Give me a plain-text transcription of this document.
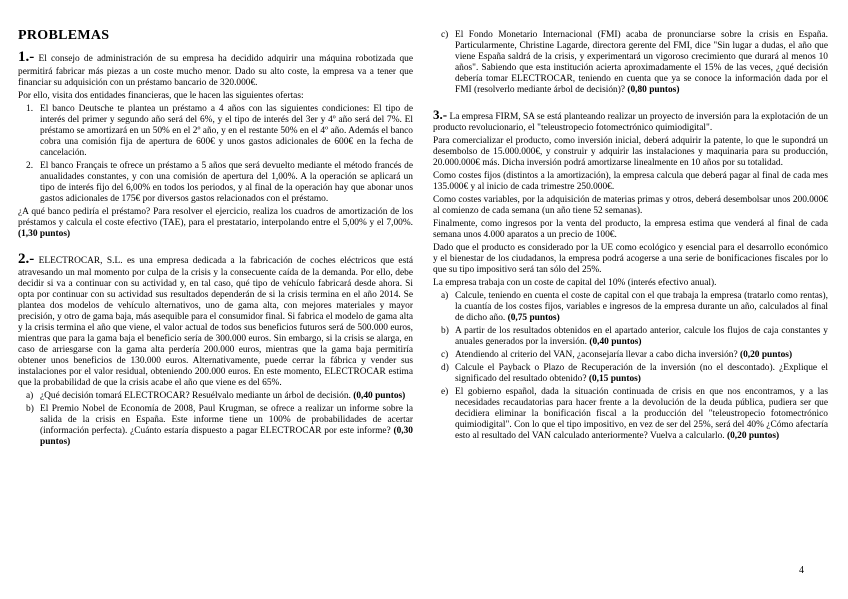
PROBLEMAS

1.- El consejo de administración de su empresa ha decidido adquirir una máquina robotizada que permitirá fabricar más piezas a un coste mucho menor. Dado su alto coste, la empresa va a tener que financiar su adquisición con un préstamo bancario de 320.000€.

Por ello, visita dos entidades financieras, que le hacen las siguientes ofertas:

1. El banco Deutsche te plantea un préstamo a 4 años con las siguientes condiciones: El tipo de interés del primer y segundo año será del 6%, y el tipo de interés del 3er y 4º año será del 7%. El préstamo se amortizará en un 50% en el 2º año, y en el restante 50% en el 4º año. Además el banco cobra una comisión fija de apertura de 600€ y unos gastos adicionales de 600€ en la fecha de cancelación.
2. El banco Français te ofrece un préstamo a 5 años que será devuelto mediante el método francés de anualidades constantes, y con una comisión de apertura del 1,00%. A la operación se aplicará un tipo de interés fijo del 6,00% en todos los periodos, y al final de la operación hay que abonar unos gastos adicionales de 175€ por diversos gastos relacionados con el préstamo.

¿A qué banco pediría el préstamo? Para resolver el ejercicio, realiza los cuadros de amortización de los préstamos y calcula el coste efectivo (TAE), para el prestatario, interpolando entre el 5,00% y el 7,00%. (1,30 puntos)

2.- ELECTROCAR, S.L. es una empresa dedicada a la fabricación de coches eléctricos que está atravesando un mal momento por culpa de la crisis y la consecuente caída de la demanda. Por ello, debe decidir si va a continuar con su actividad y, en tal caso, qué tipo de vehículo fabricará desde ahora. Si opta por continuar con su actividad sus resultados dependerán de si la crisis termina en el año 2014. Se plantea dos modelos de vehículo alternativos, uno de gama alta, con mejores materiales y mayor precisión, y otro de gama baja, más asequible para el consumidor final. Si fabrica el modelo de gama alta y la crisis termina el año que viene, el valor actual de todos sus beneficios futuros será de 500.000 euros, mientras que para la gama baja el beneficio sería de 300.000 euros. Sin embargo, si la crisis se alarga, en caso de arriesgarse con la gama alta perdería 200.000 euros, mientras que la gama baja permitiría obtener unos beneficios de 130.000 euros. Alternativamente, puede cerrar la fábrica y vender sus instalaciones por el valor residual, obteniendo 200.000 euros. En este momento, ELECTROCAR estima que la probabilidad de que la crisis acabe el año que viene es del 65%.

a) ¿Qué decisión tomará ELECTROCAR? Resuélvalo mediante un árbol de decisión. (0,40 puntos)
b) El Premio Nobel de Economía de 2008, Paul Krugman, se ofrece a realizar un informe sobre la salida de la crisis en España. Este informe tiene un 100% de probabilidades de acertar (información perfecta). ¿Cuánto estaría dispuesto a pagar ELECTROCAR por este informe? (0,30 puntos)
c) El Fondo Monetario Internacional (FMI) acaba de pronunciarse sobre la crisis en España. Particularmente, Christine Lagarde, directora gerente del FMI, dice "Sin lugar a dudas, el año que viene España saldrá de la crisis, y experimentará un vigoroso crecimiento que durará al menos 10 años". Sabiendo que esta institución acierta aproximadamente el 15% de las veces, ¿qué decisión debería tomar ELECTROCAR, teniendo en cuenta que ya se conoce la información dada por el FMI (resolverlo mediante árbol de decisión)? (0,80 puntos)

3.- La empresa FIRM, SA se está planteando realizar un proyecto de inversión para la explotación de un producto revolucionario, el "teleustropecio fotomectrónico quimiodigital".

Para comercializar el producto, como inversión inicial, deberá adquirir la patente, lo que le supondrá un desembolso de 15.000.000€, y construir y adquirir las instalaciones y maquinaria para su producción, 20.000.000€ más. Dicha inversión podrá amortizarse linealmente en 10 años por su totalidad.

Como costes fijos (distintos a la amortización), la empresa calcula que deberá pagar al final de cada mes 135.000€ y al inicio de cada trimestre 250.000€.

Como costes variables, por la adquisición de materias primas y otros, deberá desembolsar unos 200.000€ al comienzo de cada semana (un año tiene 52 semanas).

Finalmente, como ingresos por la venta del producto, la empresa estima que venderá al final de cada semana unos 4.000 aparatos a un precio de 100€.

Dado que el producto es considerado por la UE como ecológico y esencial para el desarrollo económico y el bienestar de los ciudadanos, la empresa podrá acogerse a una serie de bonificaciones fiscales por lo que su tipo impositivo será tan sólo del 25%.

La empresa trabaja con un coste de capital del 10% (interés efectivo anual).

a) Calcule, teniendo en cuenta el coste de capital con el que trabaja la empresa (tratarlo como rentas), la cuantía de los costes fijos, variables e ingresos de la empresa durante un año, calculados al final de dicho año. (0,75 puntos)
b) A partir de los resultados obtenidos en el apartado anterior, calcule los flujos de caja constantes y anuales generados por la inversión. (0,40 puntos)
c) Atendiendo al criterio del VAN, ¿aconsejaría llevar a cabo dicha inversión? (0,20 puntos)
d) Calcule el Payback o Plazo de Recuperación de la inversión (no el descontado). ¿Explique el significado del resultado obtenido? (0,15 puntos)
e) El gobierno español, dada la situación continuada de crisis en que nos encontramos, y a las necesidades recaudatorias para hacer frente a la devolución de la deuda pública, pudiera ser que decidiera eliminar la bonificación fiscal a la producción del "teleustropecio fotomectrónico quimiodigital". Con lo que el tipo impositivo, en vez de ser del 25%, será del 40% ¿Cómo afectaría esto al resultado del VAN calculado anteriormente? Vuelva a calcularlo. (0,20 puntos)
4
